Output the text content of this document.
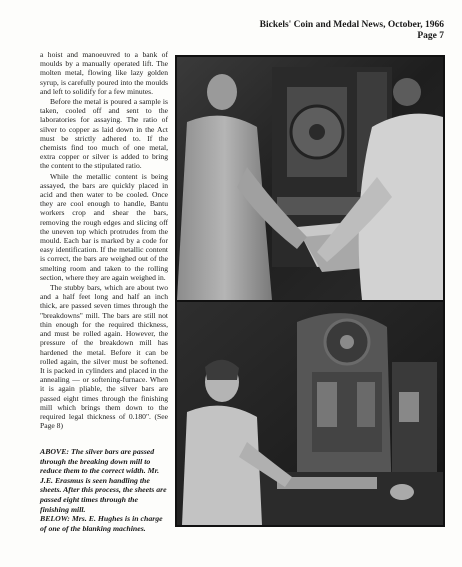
Bickels' Coin and Medal News, October, 1966
Page 7

a hoist and manoeuvred to a bank of moulds by a manually operated lift. The molten metal, flowing like lazy golden syrup, is carefully poured into the moulds and left to solidify for a few minutes.

Before the metal is poured a sample is taken, cooled off and sent to the laboratories for assaying. The ratio of silver to copper as laid down in the Act must be strictly adhered to. If the chemists find too much of one metal, extra copper or silver is added to bring the content to the stipulated ratio.

While the metallic content is being assayed, the bars are quickly placed in acid and then water to be cooled. Once they are cool enough to handle, Bantu workers crop and shear the bars, removing the rough edges and slicing off the uneven top which protrudes from the mould. Each bar is marked by a code for easy identification. If the metallic content is correct, the bars are weighed out of the smelting room and taken to the rolling section, where they are again weighed in.

The stubby bars, which are about two and a half feet long and half an inch thick, are passed seven times through the "breakdowns" mill. The bars are still not thin enough for the required thickness, and must be rolled again. However, the pressure of the breakdown mill has hardened the metal. Before it can be rolled again, the silver must be softened. It is packed in cylinders and placed in the annealing — or softening-furnace. When it is again pliable, the silver bars are passed eight times through the finishing mill which brings them down to the required legal thickness of 0.180". (See Page 8)

ABOVE: The silver bars are passed through the breaking down mill to reduce them to the correct width. Mr. J.E. Erasmus is seen handling the sheets. After this process, the sheets are passed eight times through the finishing mill.

BELOW: Mrs. E. Hughes is in charge of one of the blanking machines.
